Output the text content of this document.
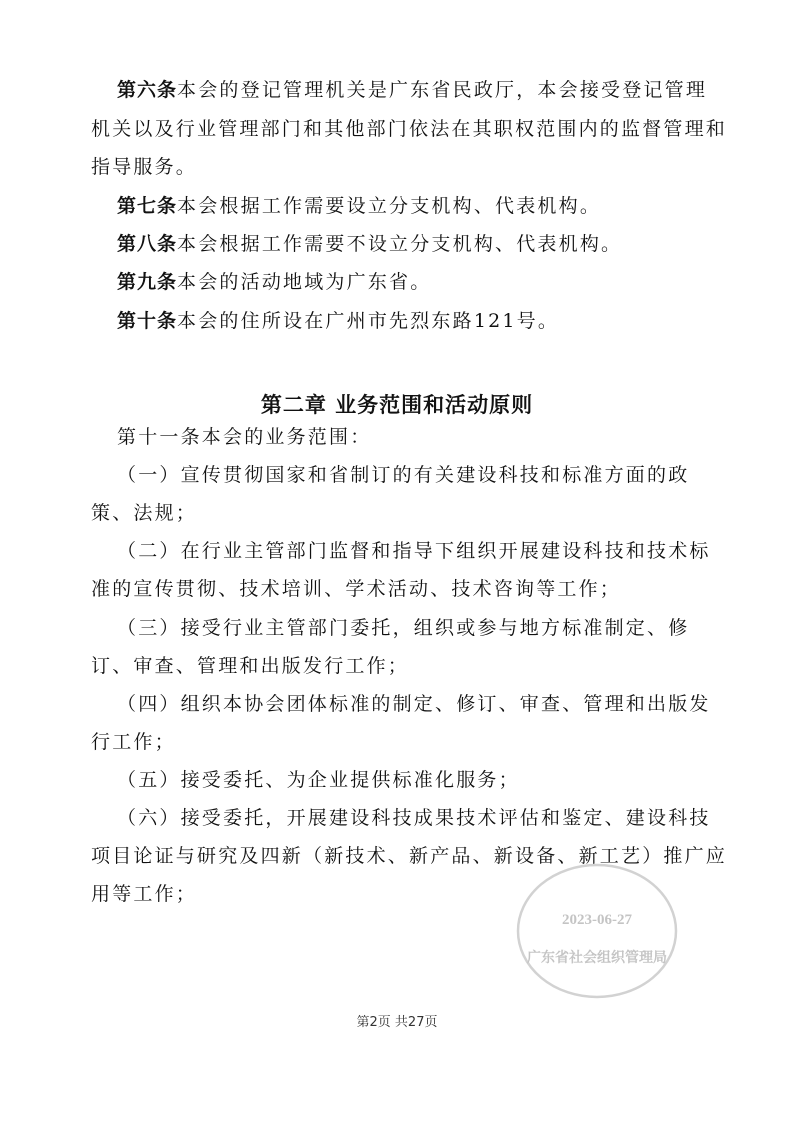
第六条本会的登记管理机关是广东省民政厅，本会接受登记管理
机关以及行业管理部门和其他部门依法在其职权范围内的监督管理和
指导服务。
第七条本会根据工作需要设立分支机构、代表机构。
第八条本会根据工作需要不设立分支机构、代表机构。
第九条本会的活动地域为广东省。
第十条本会的住所设在广州市先烈东路121号。
第二章 业务范围和活动原则
第十一条本会的业务范围：
（一）宣传贯彻国家和省制订的有关建设科技和标准方面的政
策、法规；
（二）在行业主管部门监督和指导下组织开展建设科技和技术标
准的宣传贯彻、技术培训、学术活动、技术咨询等工作；
（三）接受行业主管部门委托，组织或参与地方标准制定、修
订、审查、管理和出版发行工作；
（四）组织本协会团体标准的制定、修订、审查、管理和出版发
行工作；
（五）接受委托、为企业提供标准化服务；
（六）接受委托，开展建设科技成果技术评估和鉴定、建设科技
项目论证与研究及四新（新技术、新产品、新设备、新工艺）推广应
用等工作；
2023-06-27
广东省社会组织管理局
第2页 共27页
